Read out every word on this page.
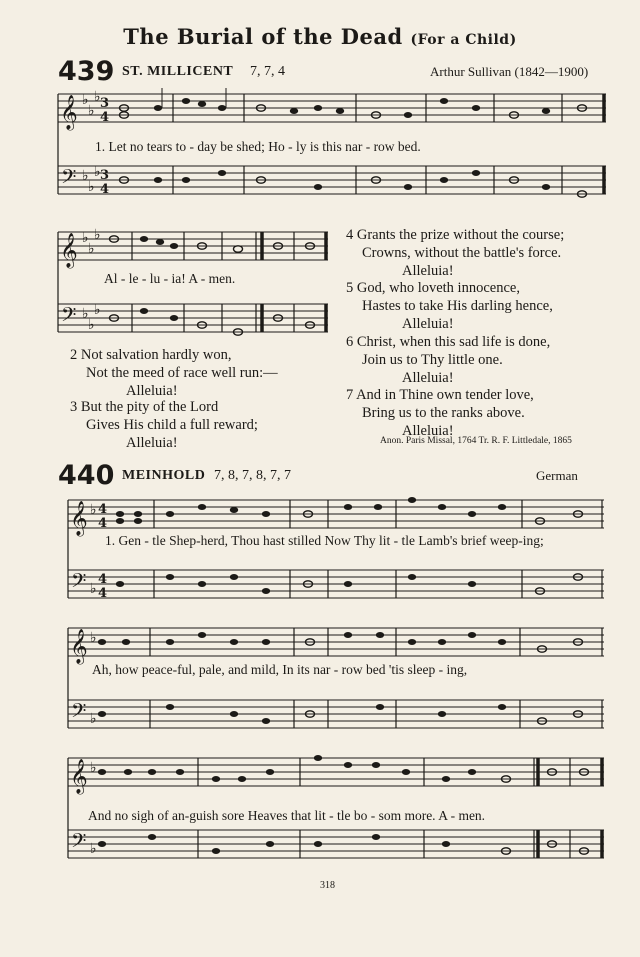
The Burial of the Dead (For a Child)
439 ST. MILLICENT 7, 7, 4	Arthur Sullivan (1842—1900)
𝄞
𝄢
♭
♭
♭
♭
♭
♭
3
4
3
4
1. Let no tears to - day be shed; Ho - ly is this nar - row bed.
𝄞
𝄢
♭
♭
♭
♭
♭
♭
Al - le - lu - ia! A - men.
4 Grants the prize without the course;
Crowns, without the battle's force.
Alleluia!
5 God, who loveth innocence,
Hastes to take His darling hence,
Alleluia!
6 Christ, when this sad life is done,
Join us to Thy little one.
Alleluia!
7 And in Thine own tender love,
Bring us to the ranks above.
Alleluia!
2 Not salvation hardly won,
Not the meed of race well run:—
Alleluia!
3 But the pity of the Lord
Gives His child a full reward;
Alleluia!	Anon. Paris Missal, 1764 Tr. R. F. Littledale, 1865
440 MEINHOLD 7, 8, 7, 8, 7, 7	German
𝄞
𝄢
♭
♭
4
4
4
4
1. Gen - tle Shep-herd, Thou hast stilled Now Thy lit - tle Lamb's brief weep-ing;
𝄞
𝄢
♭
♭
Ah, how peace-ful, pale, and mild, In its nar - row bed 'tis sleep - ing,
𝄞
𝄢
♭
♭
And no sigh of an-guish sore Heaves that lit - tle bo - som more. A - men.
318
